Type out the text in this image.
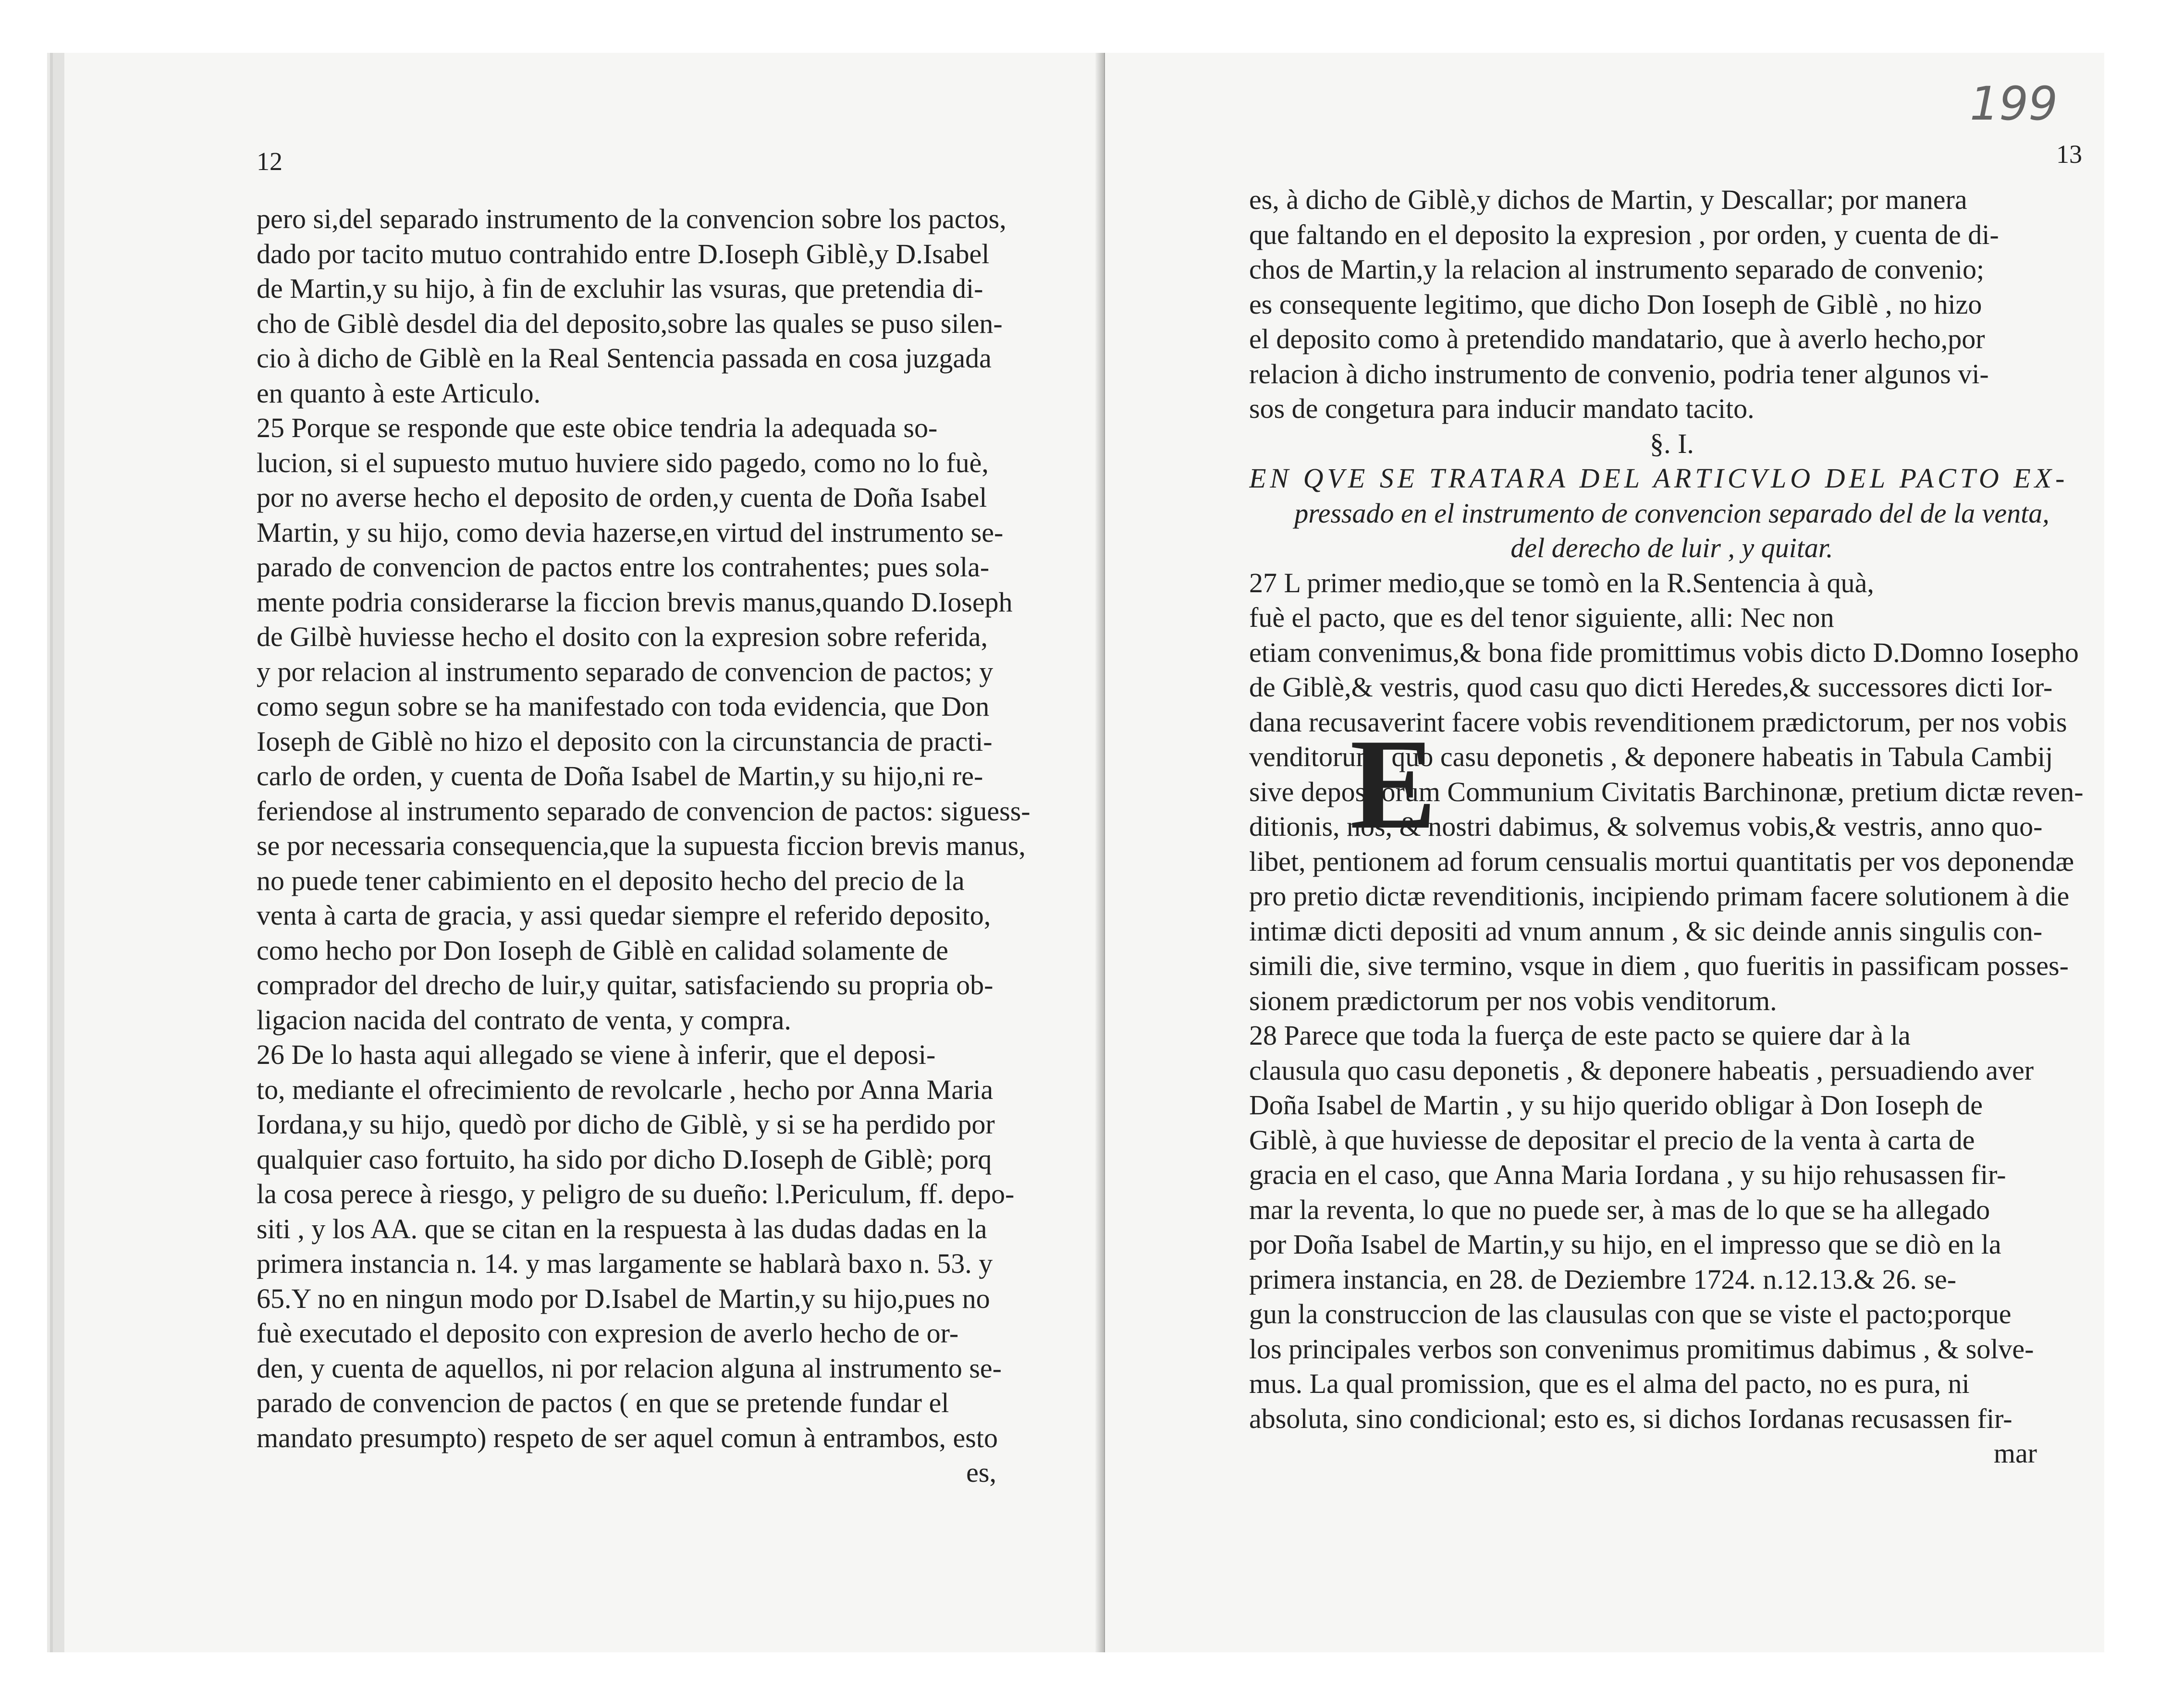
12
pero si,del separado instrumento de la convencion sobre los pactos,
dado por tacito mutuo contrahido entre D.Ioseph Giblè,y D.Isabel
de Martin,y su hijo, à fin de excluhir las vsuras, que pretendia di-
cho de Giblè desdel dia del deposito,sobre las quales se puso silen-
cio à dicho de Giblè en la Real Sentencia passada en cosa juzgada
en quanto à este Articulo.
25 Porque se responde que este obice tendria la adequada so-
lucion, si el supuesto mutuo huviere sido pagedo, como no lo fuè,
por no averse hecho el deposito de orden,y cuenta de Doña Isabel
Martin, y su hijo, como devia hazerse,en virtud del instrumento se-
parado de convencion de pactos entre los contrahentes; pues sola-
mente podria considerarse la ficcion brevis manus,quando D.Ioseph
de Gilbè huviesse hecho el dosito con la expresion sobre referida,
y por relacion al instrumento separado de convencion de pactos; y
como segun sobre se ha manifestado con toda evidencia, que Don
Ioseph de Giblè no hizo el deposito con la circunstancia de practi-
carlo de orden, y cuenta de Doña Isabel de Martin,y su hijo,ni re-
feriendose al instrumento separado de convencion de pactos: siguess-
se por necessaria consequencia,que la supuesta ficcion brevis manus,
no puede tener cabimiento en el deposito hecho del precio de la
venta à carta de gracia, y assi quedar siempre el referido deposito,
como hecho por Don Ioseph de Giblè en calidad solamente de
comprador del drecho de luir,y quitar, satisfaciendo su propria ob-
ligacion nacida del contrato de venta, y compra.
26 De lo hasta aqui allegado se viene à inferir, que el deposi-
to, mediante el ofrecimiento de revolcarle , hecho por Anna Maria
Iordana,y su hijo, quedò por dicho de Giblè, y si se ha perdido por
qualquier caso fortuito, ha sido por dicho D.Ioseph de Giblè; porq
la cosa perece à riesgo, y peligro de su dueño: l.Periculum, ff. depo-
siti , y los AA. que se citan en la respuesta à las dudas dadas en la
primera instancia n. 14. y mas largamente se hablarà baxo n. 53. y
65.Y no en ningun modo por D.Isabel de Martin,y su hijo,pues no
fuè executado el deposito con expresion de averlo hecho de or-
den, y cuenta de aquellos, ni por relacion alguna al instrumento se-
parado de convencion de pactos ( en que se pretende fundar el
mandato presumpto) respeto de ser aquel comun à entrambos, esto
es,
199
13
es, à dicho de Giblè,y dichos de Martin, y Descallar; por manera
que faltando en el deposito la expresion , por orden, y cuenta de di-
chos de Martin,y la relacion al instrumento separado de convenio;
es consequente legitimo, que dicho Don Ioseph de Giblè , no hizo
el deposito como à pretendido mandatario, que à averlo hecho,por
relacion à dicho instrumento de convenio, podria tener algunos vi-
sos de congetura para inducir mandato tacito.
§. I.
EN QVE SE TRATARA DEL ARTICVLO DEL PACTO EX-
pressado en el instrumento de convencion separado del de la venta,
del derecho de luir , y quitar.
E
27 L primer medio,que se tomò en la R.Sentencia à quà,
fuè el pacto, que es del tenor siguiente, alli: Nec non
etiam convenimus,& bona fide promittimus vobis dicto D.Domno Iosepho
de Giblè,& vestris, quod casu quo dicti Heredes,& successores dicti Ior-
dana recusaverint facere vobis revenditionem prædictorum, per nos vobis
venditorum, quo casu deponetis , & deponere habeatis in Tabula Cambij
sive depositorum Communium Civitatis Barchinonæ, pretium dictæ reven-
ditionis, nos, & nostri dabimus, & solvemus vobis,& vestris, anno quo-
libet, pentionem ad forum censualis mortui quantitatis per vos deponendæ
pro pretio dictæ revenditionis, incipiendo primam facere solutionem à die
intimæ dicti depositi ad vnum annum , & sic deinde annis singulis con-
simili die, sive termino, vsque in diem , quo fueritis in passificam posses-
sionem prædictorum per nos vobis venditorum.
28 Parece que toda la fuerça de este pacto se quiere dar à la
clausula quo casu deponetis , & deponere habeatis , persuadiendo aver
Doña Isabel de Martin , y su hijo querido obligar à Don Ioseph de
Giblè, à que huviesse de depositar el precio de la venta à carta de
gracia en el caso, que Anna Maria Iordana , y su hijo rehusassen fir-
mar la reventa, lo que no puede ser, à mas de lo que se ha allegado
por Doña Isabel de Martin,y su hijo, en el impresso que se diò en la
primera instancia, en 28. de Deziembre 1724. n.12.13.& 26. se-
gun la construccion de las clausulas con que se viste el pacto;porque
los principales verbos son convenimus promitimus dabimus , & solve-
mus. La qual promission, que es el alma del pacto, no es pura, ni
absoluta, sino condicional; esto es, si dichos Iordanas recusassen fir-
mar
